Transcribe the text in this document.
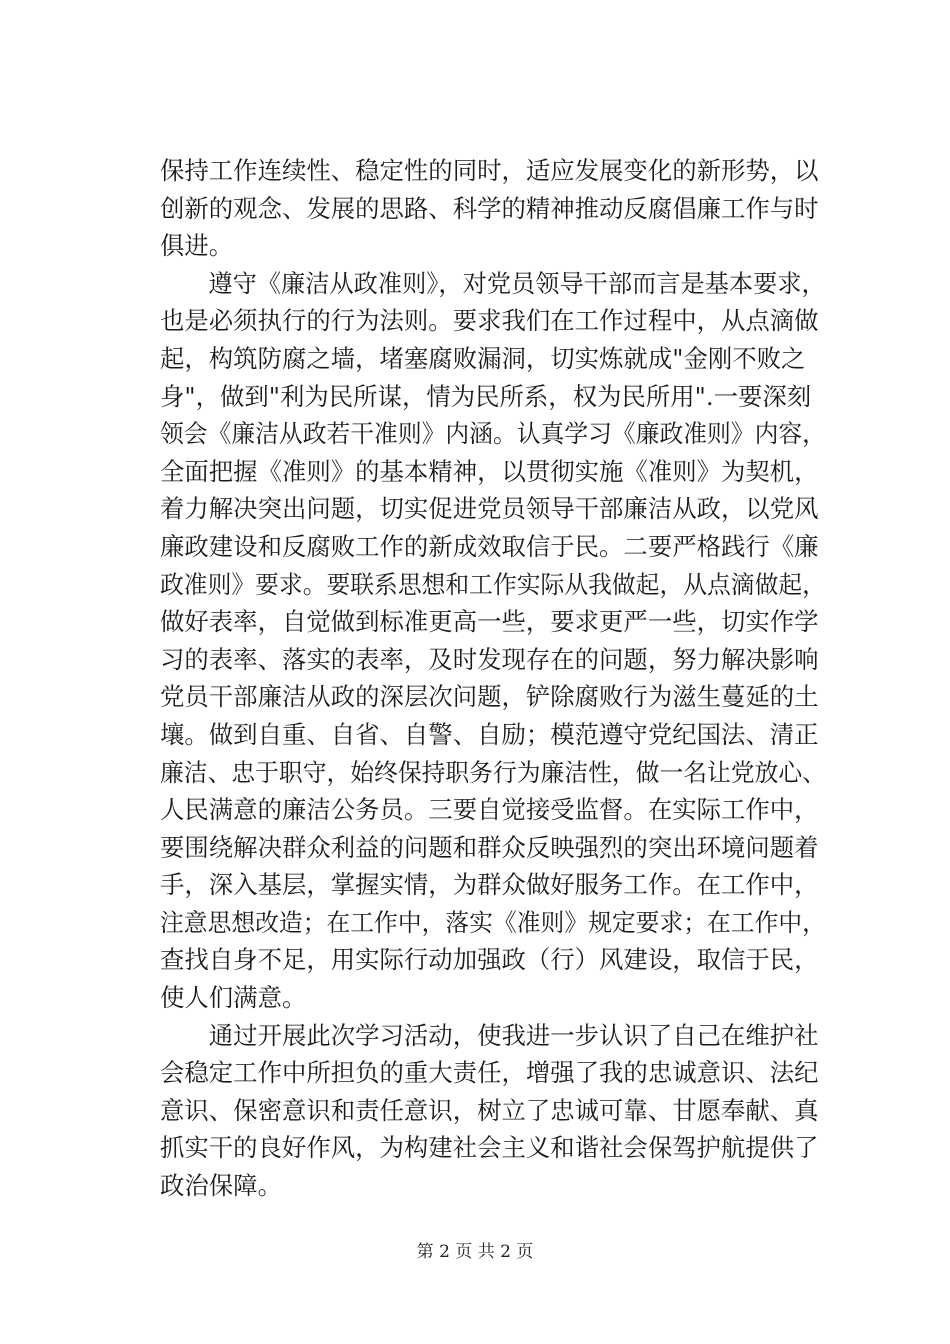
保持工作连续性、稳定性的同时，适应发展变化的新形势，以
创新的观念、发展的思路、科学的精神推动反腐倡廉工作与时
俱进。
　　遵守《廉洁从政准则》，对党员领导干部而言是基本要求，
也是必须执行的行为法则。要求我们在工作过程中，从点滴做
起，构筑防腐之墙，堵塞腐败漏洞，切实炼就成"金刚不败之
身"，做到"利为民所谋，情为民所系，权为民所用".一要深刻
领会《廉洁从政若干准则》内涵。认真学习《廉政准则》内容，
全面把握《准则》的基本精神，以贯彻实施《准则》为契机，
着力解决突出问题，切实促进党员领导干部廉洁从政，以党风
廉政建设和反腐败工作的新成效取信于民。二要严格践行《廉
政准则》要求。要联系思想和工作实际从我做起，从点滴做起，
做好表率，自觉做到标准更高一些，要求更严一些，切实作学
习的表率、落实的表率，及时发现存在的问题，努力解决影响
党员干部廉洁从政的深层次问题，铲除腐败行为滋生蔓延的土
壤。做到自重、自省、自警、自励；模范遵守党纪国法、清正
廉洁、忠于职守，始终保持职务行为廉洁性，做一名让党放心、
人民满意的廉洁公务员。三要自觉接受监督。在实际工作中，
要围绕解决群众利益的问题和群众反映强烈的突出环境问题着
手，深入基层，掌握实情，为群众做好服务工作。在工作中，
注意思想改造；在工作中，落实《准则》规定要求；在工作中，
查找自身不足，用实际行动加强政（行）风建设，取信于民，
使人们满意。
　　通过开展此次学习活动，使我进一步认识了自己在维护社
会稳定工作中所担负的重大责任，增强了我的忠诚意识、法纪
意识、保密意识和责任意识，树立了忠诚可靠、甘愿奉献、真
抓实干的良好作风，为构建社会主义和谐社会保驾护航提供了
政治保障。
第 2 页 共 2 页
